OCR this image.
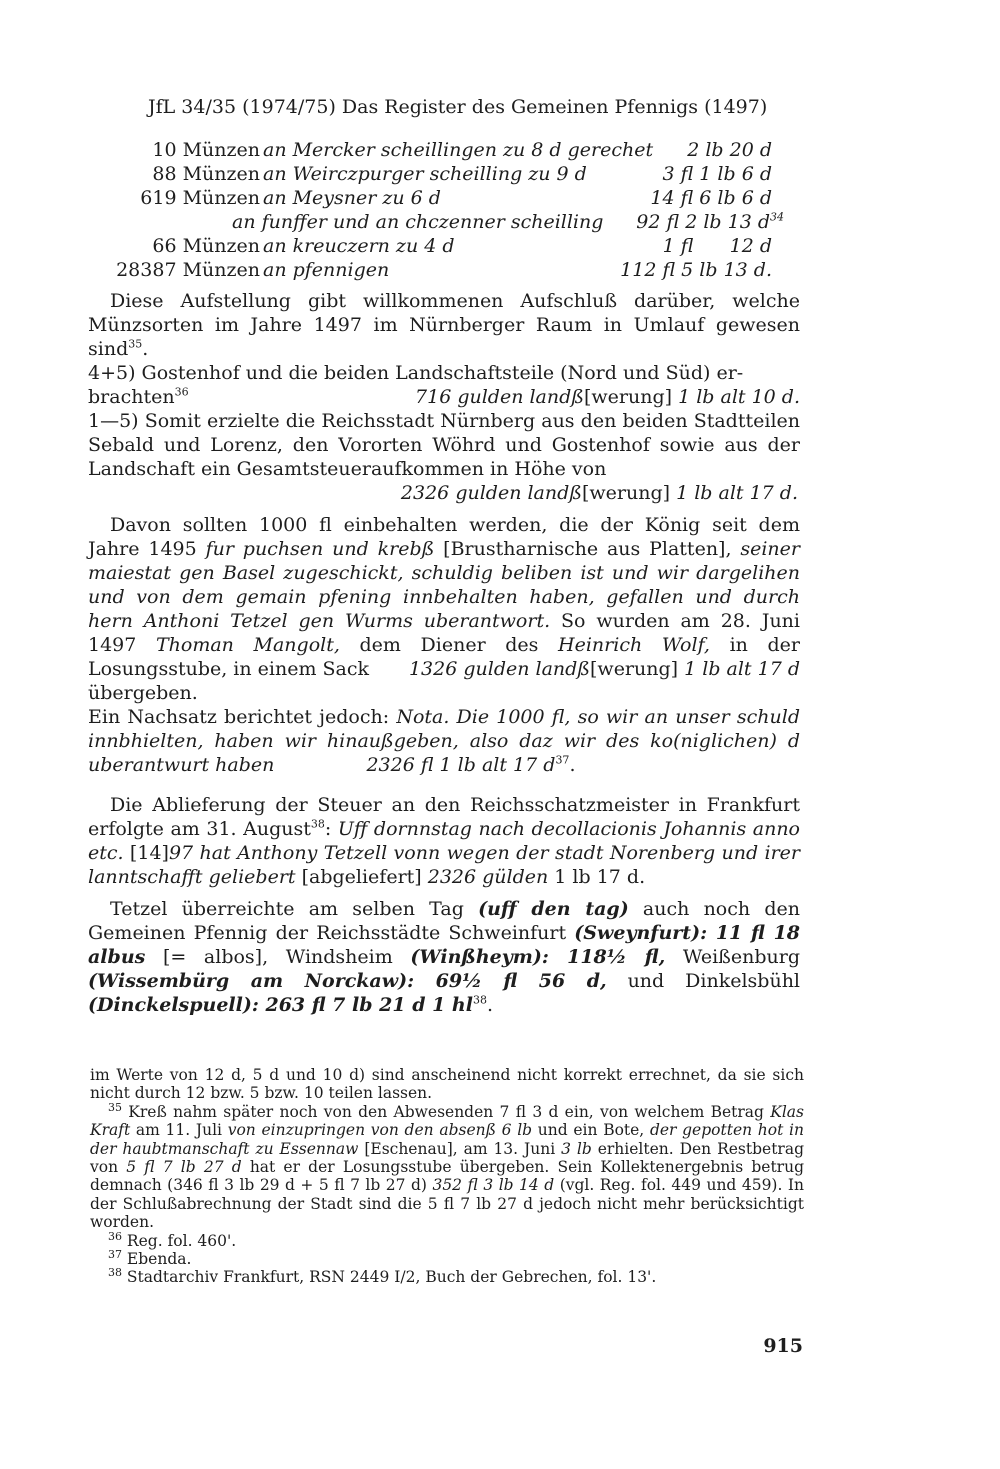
JfL 34/35 (1974/75) Das Register des Gemeinen Pfennigs (1497)
10 Münzen an Mercker scheillingen zu 8 d gerechet 2 lb 20 d
88 Münzen an Weirczpurger scheilling zu 9 d	3 fl 1 lb 6 d
619 Münzen an Meysner zu 6 d	14 fl 6 lb 6 d
an funffer und an chczenner scheilling 92 fl 2 lb 13 $d^{34}$
66 Münzen an kreuczern zu 4 d	1 fl      12 d
28387 Münzen an pfennigen	112 fl 5 lb 13 d.

Diese Aufstellung gibt willkommenen Aufschluß darüber, welche Münzsorten im Jahre 1497 im Nürnberger Raum in Umlauf gewesen sind$^{35}$.

4+5) Gostenhof und die beiden Landschaftsteile (Nord und Süd) er-
brachten$^{36}$	716 gulden landß[werung] 1 lb alt 10 d.

1—5) Somit erzielte die Reichsstadt Nürnberg aus den beiden Stadtteilen Sebald und Lorenz, den Vororten Wöhrd und Gostenhof sowie aus der Landschaft ein Gesamtsteueraufkommen in Höhe von
2326 gulden landß[werung] 1 lb alt 17 d.

Davon sollten 1000 fl einbehalten werden, die der König seit dem Jahre 1495 fur puchsen und krebß [Brustharnische aus Platten], seiner maiestat gen Basel zugeschickt, schuldig beliben ist und wir dargelihen und von dem gemain pfening innbehalten haben, gefallen und durch hern Anthoni Tetzel gen Wurms uberantwort. So wurden am 28. Juni 1497 Thoman Mangolt, dem Diener des Heinrich Wolf, in der Losungsstube, in einem Sack	1326 gulden landß[werung] 1 lb alt 17 d

übergeben.

Ein Nachsatz berichtet jedoch: Nota. Die 1000 fl, so wir an unser schuld innbhielten, haben wir hinaußgeben, also daz wir des ko(niglichen) d uberantwurt haben	2326 fl 1 lb alt 17 $d^{37}$.

Die Ablieferung der Steuer an den Reichsschatzmeister in Frankfurt erfolgte am 31. August$^{38}$: Uff dornnstag nach decollacionis Johannis anno etc. [14]97 hat Anthony Tetzell vonn wegen der stadt Norenberg und irer lanntschafft geliebert [abgeliefert] 2326 gülden 1 lb 17 d.

Tetzel überreichte am selben Tag (uff den tag) auch noch den Gemeinen Pfennig der Reichsstädte Schweinfurt (Sweynfurt): 11 fl 18 albus [= albos], Windsheim (Winßheym): 118½ fl, Weißenburg (Wissembürg am Norckaw): 69½ fl 56 d, und Dinkelsbühl (Dinckelspuell): 263 fl 7 lb 21 d 1 $hl^{38}$.

im Werte von 12 d, 5 d und 10 d) sind anscheinend nicht korrekt errechnet, da sie sich nicht durch 12 bzw. 5 bzw. 10 teilen lassen.

$^{35}$ Kreß nahm später noch von den Abwesenden 7 fl 3 d ein, von welchem Betrag Klas Kraft am 11. Juli von einzupringen von den absenß 6 lb und ein Bote, der gepotten hot in der haubtmanschaft zu Essennaw [Eschenau], am 13. Juni 3 lb erhielten. Den Restbetrag von 5 fl 7 lb 27 d hat er der Losungsstube übergeben. Sein Kollektenergebnis betrug demnach (346 fl 3 lb 29 d + 5 fl 7 lb 27 d) 352 fl 3 lb 14 d (vgl. Reg. fol. 449 und 459). In der Schlußabrechnung der Stadt sind die 5 fl 7 lb 27 d jedoch nicht mehr berücksichtigt worden.

$^{36}$ Reg. fol. 460'.

$^{37}$ Ebenda.

$^{38}$ Stadtarchiv Frankfurt, RSN 2449 I/2, Buch der Gebrechen, fol. 13'.

915
